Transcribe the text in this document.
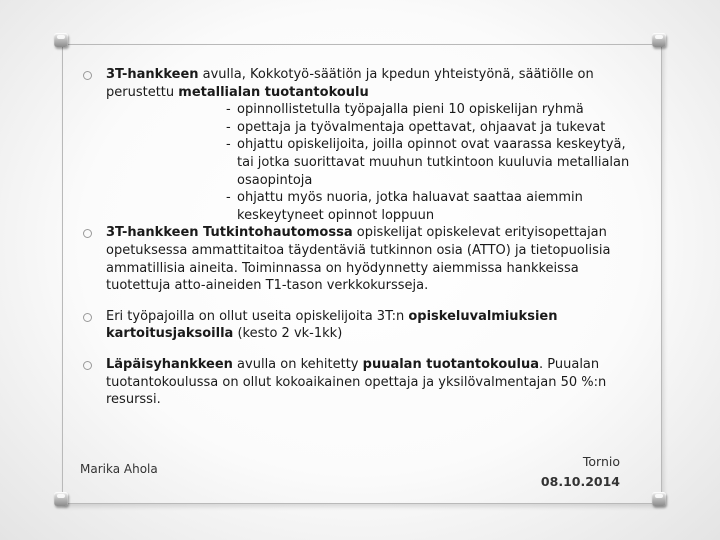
3T-hankkeen avulla, Kokkotyö-säätiön ja kpedun yhteistyönä, säätiölle on perustettu metallialan tuotantokoulu
- opinnollistetulla työpajalla pieni 10 opiskelijan ryhmä
- opettaja ja työvalmentaja opettavat, ohjaavat ja tukevat
- ohjattu opiskelijoita, joilla opinnot ovat vaarassa keskeytyä, tai jotka suorittavat muuhun tutkintoon kuuluvia metallialan osaopintoja
- ohjattu myös nuoria, jotka haluavat saattaa aiemmin keskeytyneet opinnot loppuun
3T-hankkeen Tutkintohautomossa opiskelijat opiskelevat erityisopettajan opetuksessa ammattitaitoa täydentäviä tutkinnon osia (ATTO) ja tietopuolisia ammatillisia aineita. Toiminnassa on hyödynnetty aiemmissa hankkeissa tuotettuja atto-aineiden T1-tason verkkokursseja.
Eri työpajoilla on ollut useita opiskelijoita 3T:n opiskeluvalmiuksien kartoitusjaksoilla (kesto 2 vk-1kk)
Läpäisyhankkeen avulla on kehitetty puualan tuotantokoulua. Puualan tuotantokoulussa on ollut kokoaikainen opettaja ja yksilövalmentajan 50 %:n resurssi.
Marika Ahola	Tornio
08.10.2014
